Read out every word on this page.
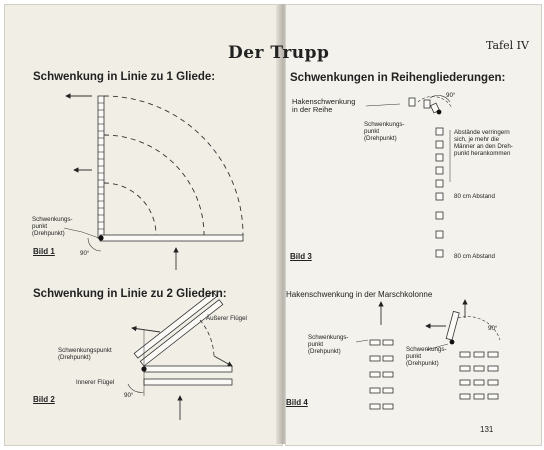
Der Trupp	Tafel IV
Schwenkung in Linie zu 1 Gliede:
Schwenkungs-
punkt
(Drehpunkt)
90°
Bild 1
Schwenkung in Linie zu 2 Gliedern:
Schwenkungspunkt
(Drehpunkt)
Äußerer Flügel
Innerer Flügel
90°
Bild 2
Schwenkungen in Reihengliederungen:
Hakenschwenkung
in der Reihe
Schwenkungs-
punkt
(Drehpunkt)
Abstände verringern
sich, je mehr die
Männer an den Dreh-
punkt herankommen
80 cm Abstand
80 cm Abstand
90°
Bild 3
Hakenschwenkung in der Marschkolonne
Schwenkungs-
punkt
(Drehpunkt)	Schwenkungs-
punkt
(Drehpunkt)
90°
Bild 4
131
